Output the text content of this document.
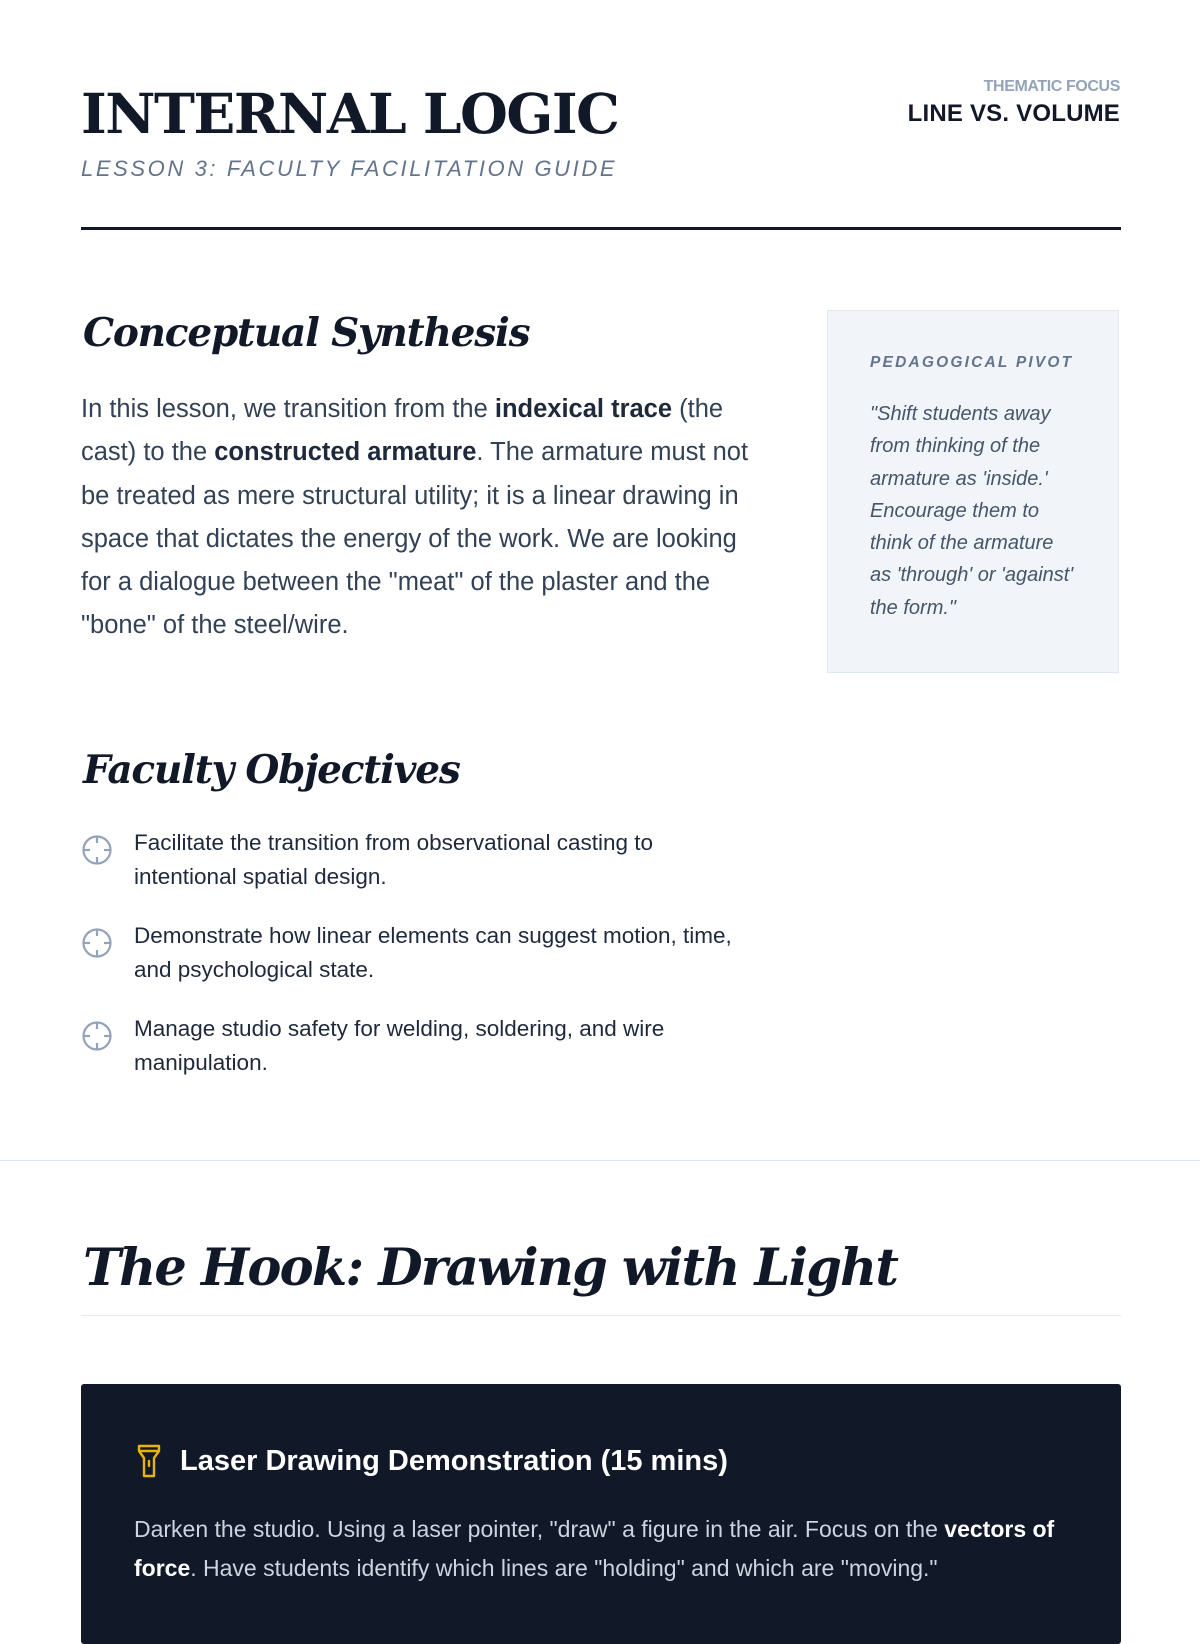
INTERNAL LOGIC
LESSON 3: FACULTY FACILITATION GUIDE
THEMATIC FOCUS
LINE VS. VOLUME
Conceptual Synthesis

In this lesson, we transition from the indexical trace (the cast) to the constructed armature. The armature must not be treated as mere structural utility; it is a linear drawing in space that dictates the energy of the work. We are looking for a dialogue between the "meat" of the plaster and the "bone" of the steel/wire.

PEDAGOGICAL PIVOT
"Shift students away from thinking of the armature as 'inside.' Encourage them to think of the armature as 'through' or 'against' the form."
Faculty Objectives
Facilitate the transition from observational casting to intentional spatial design.
Demonstrate how linear elements can suggest motion, time, and psychological state.
Manage studio safety for welding, soldering, and wire manipulation.
The Hook: Drawing with Light
Laser Drawing Demonstration (15 mins)

Darken the studio. Using a laser pointer, "draw" a figure in the air. Focus on the vectors of force. Have students identify which lines are "holding" and which are "moving."
